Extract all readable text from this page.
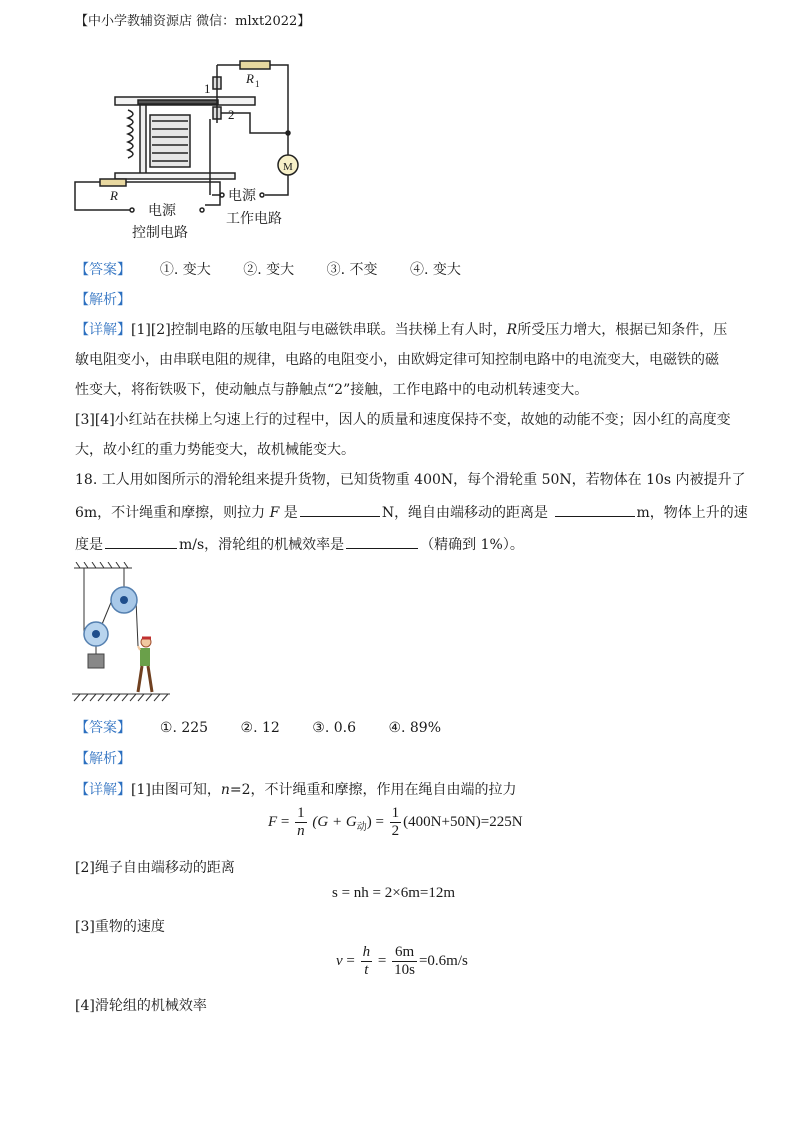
【中小学教辅资源店 微信：mlxt2022】
1
2
R 1
R
M
电源
控制电路
电源
工作电路
【答案】 ①. 变大 ②. 变大 ③. 不变 ④. 变大
【解析】
【详解】[1][2]控制电路的压敏电阻与电磁铁串联。当扶梯上有人时，R所受压力增大，根据已知条件，压
敏电阻变小，由串联电阻的规律，电路的电阻变小，由欧姆定律可知控制电路中的电流变大，电磁铁的磁
性变大，将衔铁吸下，使动触点与静触点“2”接触，工作电路中的电动机转速变大。
[3][4]小红站在扶梯上匀速上行的过程中，因人的质量和速度保持不变，故她的动能不变；因小红的高度变
大，故小红的重力势能变大，故机械能变大。
18. 工人用如图所示的滑轮组来提升货物，已知货物重 400N，每个滑轮重 50N，若物体在 10s 内被提升了
6m，不计绳重和摩擦，则拉力 F 是	N，绳自由端移动的距离是	m，物体上升的速
度是	m/s，滑轮组的机械效率是	（精确到 1%）。
【答案】 ①. 225 ②. 12 ③. 0.6 ④. 89%
【解析】
【详解】[1]由图可知，n=2，不计绳重和摩擦，作用在绳自由端的拉力
$F = \frac{1}{n} (G + G_动) = \frac{1}{2} (400N+50N)=225N$
[2]绳子自由端移动的距离
s = nh = 2×6m=12m
[3]重物的速度
$v = \frac{h}{t} = \frac{6m}{10s} =0.6m/s$
[4]滑轮组的机械效率
